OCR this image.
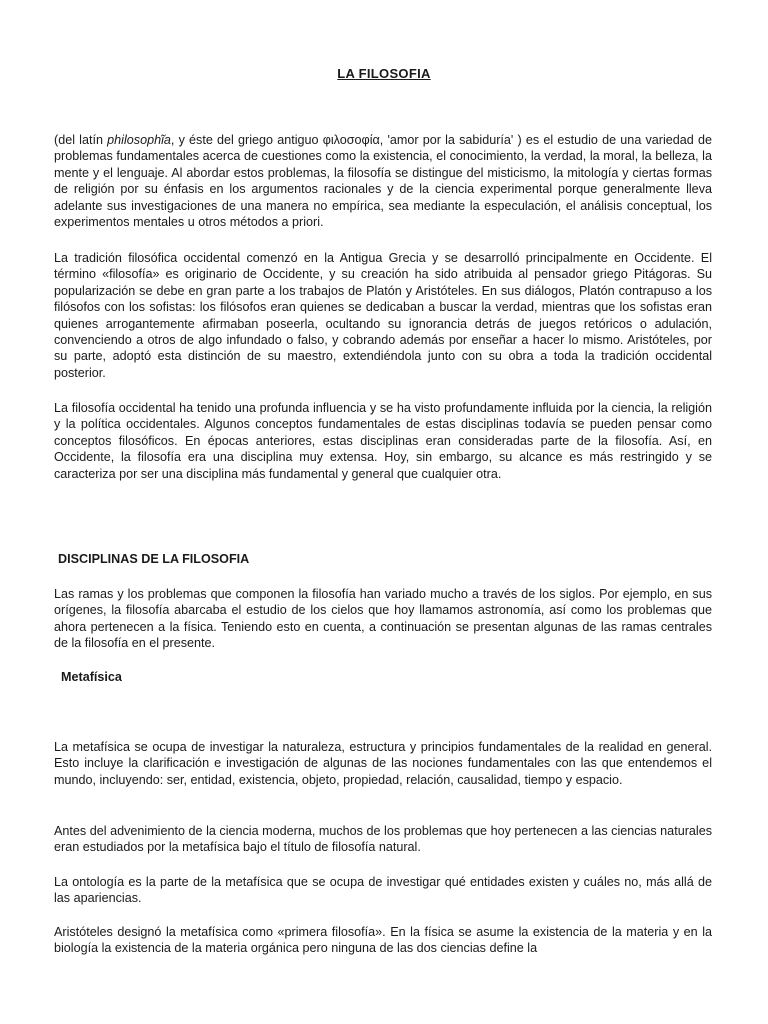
LA FILOSOFIA

(del latín philosophĩa, y éste del griego antiguo φιλοσοφία, 'amor por la sabiduría' ) es el estudio de una variedad de problemas fundamentales acerca de cuestiones como la existencia, el conocimiento, la verdad, la moral, la belleza, la mente y el lenguaje. Al abordar estos problemas, la filosofía se distingue del misticismo, la mitología y ciertas formas de religión por su énfasis en los argumentos racionales y de la ciencia experimental porque generalmente lleva adelante sus investigaciones de una manera no empírica, sea mediante la especulación, el análisis conceptual, los experimentos mentales u otros métodos a priori.

La tradición filosófica occidental comenzó en la Antigua Grecia y se desarrolló principalmente en Occidente. El término «filosofía» es originario de Occidente, y su creación ha sido atribuida al pensador griego Pitágoras. Su popularización se debe en gran parte a los trabajos de Platón y Aristóteles. En sus diálogos, Platón contrapuso a los filósofos con los sofistas: los filósofos eran quienes se dedicaban a buscar la verdad, mientras que los sofistas eran quienes arrogantemente afirmaban poseerla, ocultando su ignorancia detrás de juegos retóricos o adulación, convenciendo a otros de algo infundado o falso, y cobrando además por enseñar a hacer lo mismo. Aristóteles, por su parte, adoptó esta distinción de su maestro, extendiéndola junto con su obra a toda la tradición occidental posterior.

La filosofía occidental ha tenido una profunda influencia y se ha visto profundamente influida por la ciencia, la religión y la política occidentales. Algunos conceptos fundamentales de estas disciplinas todavía se pueden pensar como conceptos filosóficos. En épocas anteriores, estas disciplinas eran consideradas parte de la filosofía. Así, en Occidente, la filosofía era una disciplina muy extensa. Hoy, sin embargo, su alcance es más restringido y se caracteriza por ser una disciplina más fundamental y general que cualquier otra.

DISCIPLINAS DE LA FILOSOFIA

Las ramas y los problemas que componen la filosofía han variado mucho a través de los siglos. Por ejemplo, en sus orígenes, la filosofía abarcaba el estudio de los cielos que hoy llamamos astronomía, así como los problemas que ahora pertenecen a la física. Teniendo esto en cuenta, a continuación se presentan algunas de las ramas centrales de la filosofía en el presente.

Metafísica

La metafísica se ocupa de investigar la naturaleza, estructura y principios fundamentales de la realidad en general. Esto incluye la clarificación e investigación de algunas de las nociones fundamentales con las que entendemos el mundo, incluyendo: ser, entidad, existencia, objeto, propiedad, relación, causalidad, tiempo y espacio.

Antes del advenimiento de la ciencia moderna, muchos de los problemas que hoy pertenecen a las ciencias naturales eran estudiados por la metafísica bajo el título de filosofía natural.

La ontología es la parte de la metafísica que se ocupa de investigar qué entidades existen y cuáles no, más allá de las apariencias.

Aristóteles designó la metafísica como «primera filosofía». En la física se asume la existencia de la materia y en la biología la existencia de la materia orgánica pero ninguna de las dos ciencias define la
